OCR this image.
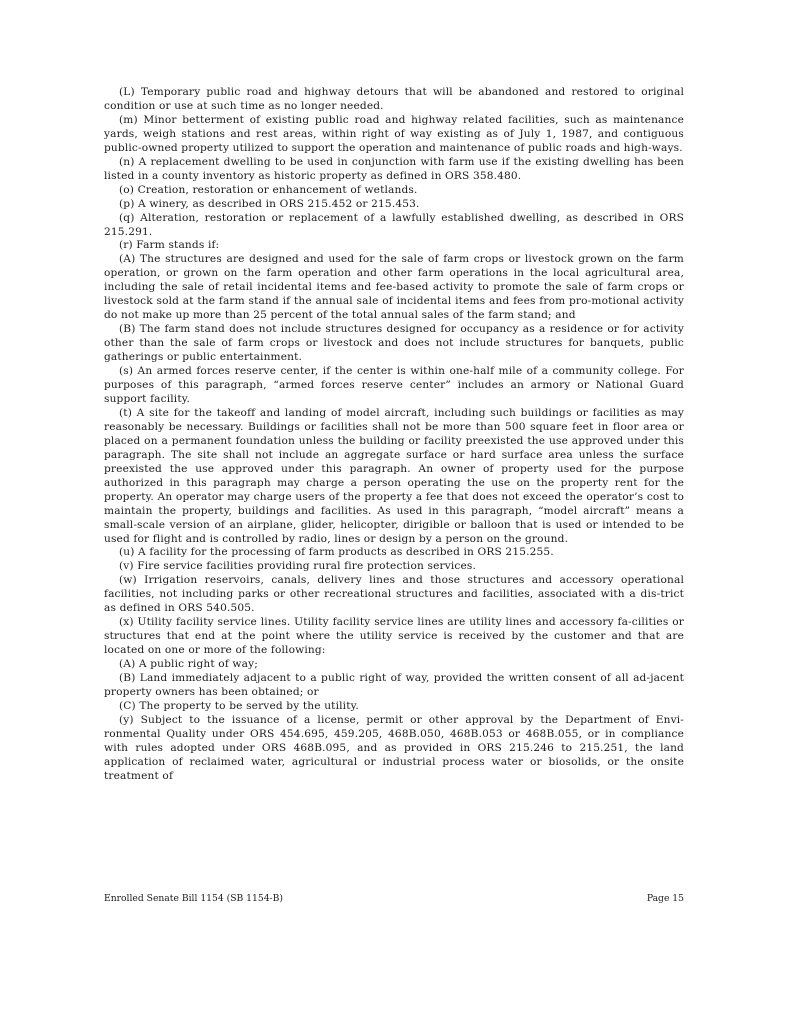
(L) Temporary public road and highway detours that will be abandoned and restored to original condition or use at such time as no longer needed.

(m) Minor betterment of existing public road and highway related facilities, such as maintenance yards, weigh stations and rest areas, within right of way existing as of July 1, 1987, and contiguous public-owned property utilized to support the operation and maintenance of public roads and high-ways.

(n) A replacement dwelling to be used in conjunction with farm use if the existing dwelling has been listed in a county inventory as historic property as defined in ORS 358.480.

(o) Creation, restoration or enhancement of wetlands.

(p) A winery, as described in ORS 215.452 or 215.453.

(q) Alteration, restoration or replacement of a lawfully established dwelling, as described in ORS 215.291.

(r) Farm stands if:

(A) The structures are designed and used for the sale of farm crops or livestock grown on the farm operation, or grown on the farm operation and other farm operations in the local agricultural area, including the sale of retail incidental items and fee-based activity to promote the sale of farm crops or livestock sold at the farm stand if the annual sale of incidental items and fees from pro-motional activity do not make up more than 25 percent of the total annual sales of the farm stand; and

(B) The farm stand does not include structures designed for occupancy as a residence or for activity other than the sale of farm crops or livestock and does not include structures for banquets, public gatherings or public entertainment.

(s) An armed forces reserve center, if the center is within one-half mile of a community college. For purposes of this paragraph, “armed forces reserve center” includes an armory or National Guard support facility.

(t) A site for the takeoff and landing of model aircraft, including such buildings or facilities as may reasonably be necessary. Buildings or facilities shall not be more than 500 square feet in floor area or placed on a permanent foundation unless the building or facility preexisted the use approved under this paragraph. The site shall not include an aggregate surface or hard surface area unless the surface preexisted the use approved under this paragraph. An owner of property used for the purpose authorized in this paragraph may charge a person operating the use on the property rent for the property. An operator may charge users of the property a fee that does not exceed the operator’s cost to maintain the property, buildings and facilities. As used in this paragraph, “model aircraft” means a small-scale version of an airplane, glider, helicopter, dirigible or balloon that is used or intended to be used for flight and is controlled by radio, lines or design by a person on the ground.

(u) A facility for the processing of farm products as described in ORS 215.255.

(v) Fire service facilities providing rural fire protection services.

(w) Irrigation reservoirs, canals, delivery lines and those structures and accessory operational facilities, not including parks or other recreational structures and facilities, associated with a dis-trict as defined in ORS 540.505.

(x) Utility facility service lines. Utility facility service lines are utility lines and accessory fa-cilities or structures that end at the point where the utility service is received by the customer and that are located on one or more of the following:

(A) A public right of way;

(B) Land immediately adjacent to a public right of way, provided the written consent of all ad-jacent property owners has been obtained; or

(C) The property to be served by the utility.

(y) Subject to the issuance of a license, permit or other approval by the Department of Envi-ronmental Quality under ORS 454.695, 459.205, 468B.050, 468B.053 or 468B.055, or in compliance with rules adopted under ORS 468B.095, and as provided in ORS 215.246 to 215.251, the land application of reclaimed water, agricultural or industrial process water or biosolids, or the onsite treatment of

Enrolled Senate Bill 1154 (SB 1154-B)	Page 15
